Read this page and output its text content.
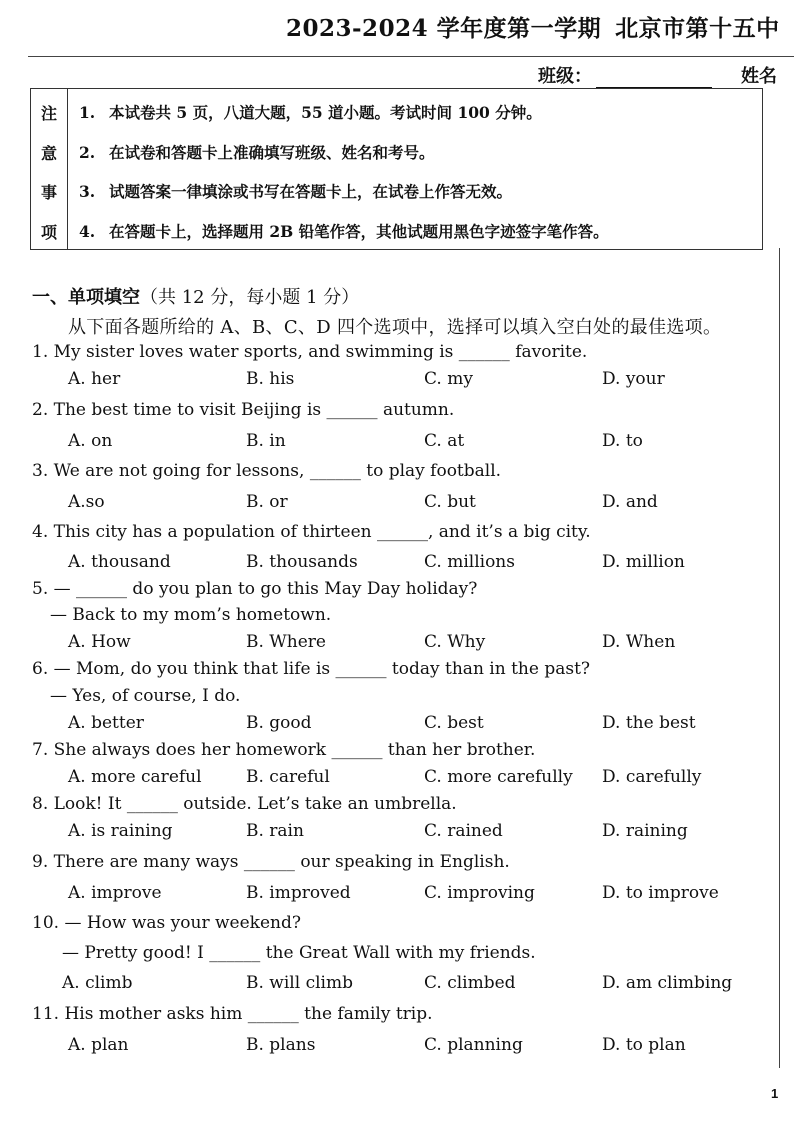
2023-2024 学年度第一学期 北京市第十五中
班级：	姓名
注
意
事
项
1. 本试卷共 5 页，八道大题，55 道小题。考试时间 100 分钟。
2. 在试卷和答题卡上准确填写班级、姓名和考号。
3. 试题答案一律填涂或书写在答题卡上，在试卷上作答无效。
4. 在答题卡上，选择题用 2B 铅笔作答，其他试题用黑色字迹签字笔作答。
一、单项填空（共 12 分，每小题 1 分）
从下面各题所给的 A、B、C、D 四个选项中，选择可以填入空白处的最佳选项。
1. My sister loves water sports, and swimming is ______ favorite.
A. her	B. his	C. my	D. your
2. The best time to visit Beijing is ______ autumn.
A. on	B. in	C. at	D. to
3. We are not going for lessons, ______ to play football.
A.so	B. or	C. but	D. and
4. This city has a population of thirteen ______, and it’s a big city.
A. thousand	B. thousands	C. millions	D. million
5. — ______ do you plan to go this May Day holiday?
— Back to my mom’s hometown.
A. How	B. Where	C. Why	D. When
6. — Mom, do you think that life is ______ today than in the past?
— Yes, of course, I do.
A. better	B. good	C. best	D. the best
7. She always does her homework ______ than her brother.
A. more careful	B. careful	C. more carefully D. carefully
8. Look! It ______ outside. Let’s take an umbrella.
A. is raining	B. rain	C. rained	D. raining
9. There are many ways ______ our speaking in English.
A. improve	B. improved	C. improving	D. to improve
10. — How was your weekend?
— Pretty good! I ______ the Great Wall with my friends.
A. climb	B. will climb	C. climbed	D. am climbing
11. His mother asks him ______ the family trip.
A. plan	B. plans	C. planning	D. to plan
1
